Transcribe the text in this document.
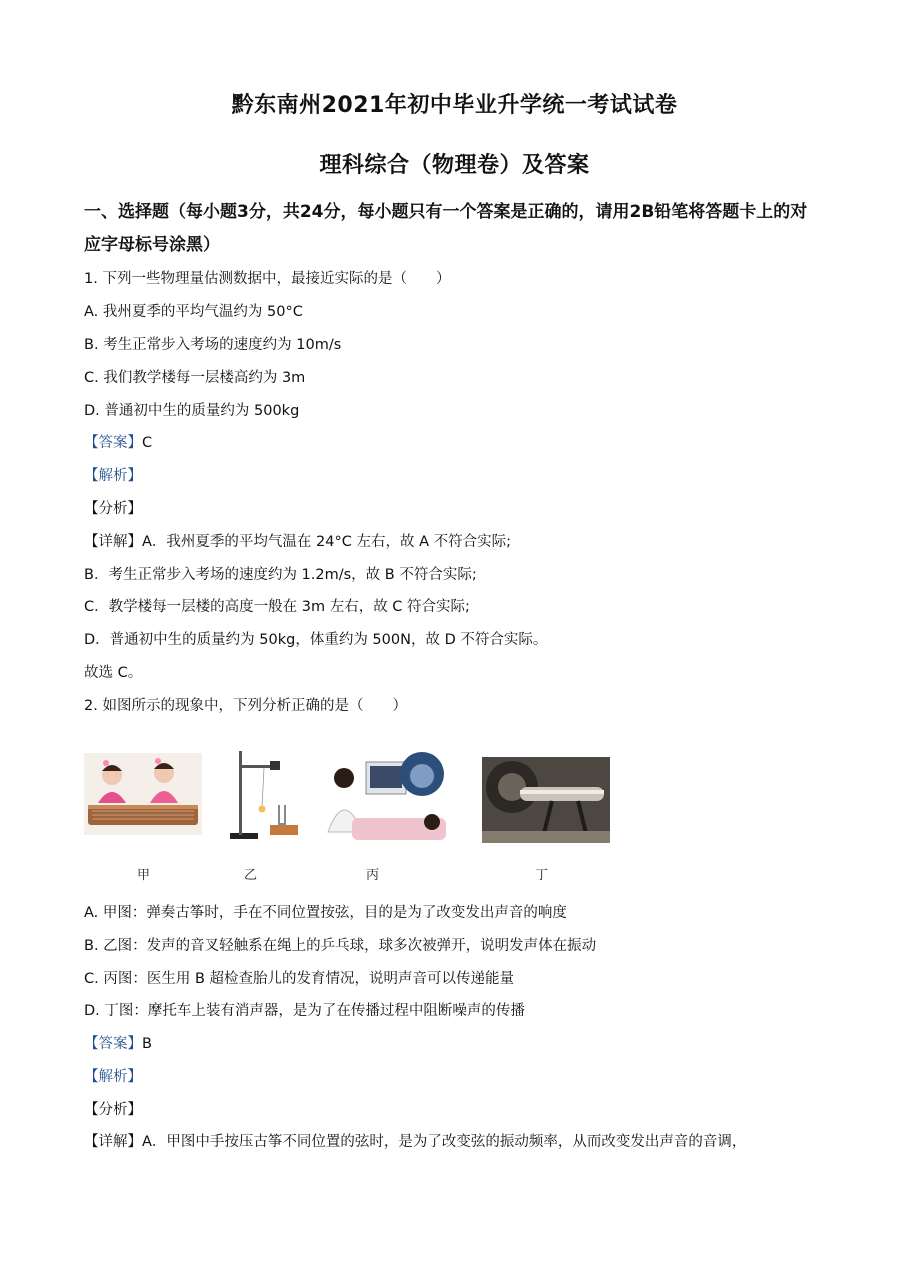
黔东南州2021年初中毕业升学统一考试试卷
理科综合（物理卷）及答案
一、选择题（每小题3分，共24分，每小题只有一个答案是正确的，请用2B铅笔将答题卡上的对应字母标号涂黑）
1. 下列一些物理量估测数据中，最接近实际的是（　　）
A. 我州夏季的平均气温约为 50°C
B. 考生正常步入考场的速度约为 10m/s
C. 我们教学楼每一层楼高约为 3m
D. 普通初中生的质量约为 500kg
【答案】C
【解析】
【分析】
【详解】A．我州夏季的平均气温在 24°C 左右，故 A 不符合实际;
B．考生正常步入考场的速度约为 1.2m/s，故 B 不符合实际;
C．教学楼每一层楼的高度一般在 3m 左右，故 C 符合实际;
D．普通初中生的质量约为 50kg，体重约为 500N，故 D 不符合实际。
故选 C。
2. 如图所示的现象中，下列分析正确的是（　　）
甲	乙	丙	丁
A. 甲图：弹奏古筝时，手在不同位置按弦，目的是为了改变发出声音的响度
B. 乙图：发声的音叉轻触系在绳上的乒乓球，球多次被弹开，说明发声体在振动
C. 丙图：医生用 B 超检查胎儿的发育情况，说明声音可以传递能量
D. 丁图：摩托车上装有消声器，是为了在传播过程中阻断噪声的传播
【答案】B
【解析】
【分析】
【详解】A．甲图中手按压古筝不同位置的弦时，是为了改变弦的振动频率，从而改变发出声音的音调，
